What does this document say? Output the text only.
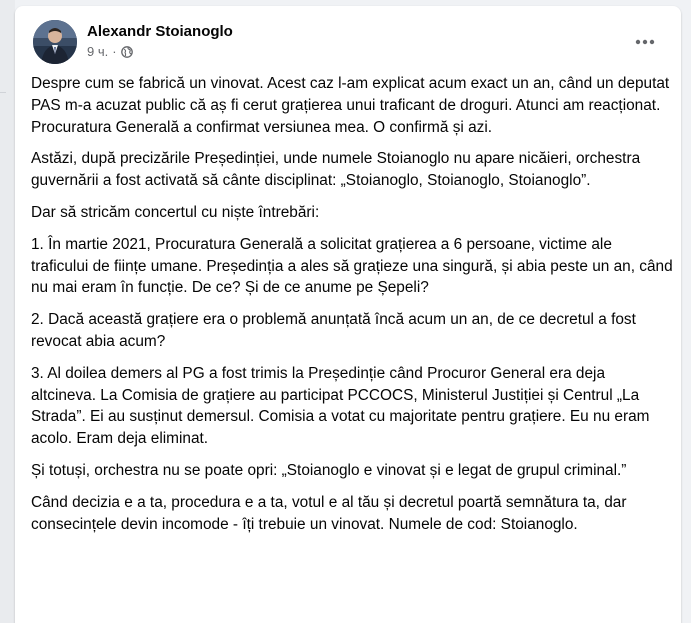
Alexandr Stoianoglo
9 ч. ·

Despre cum se fabrică un vinovat. Acest caz l-am explicat acum exact un an, când un deputat PAS m-a acuzat public că aș fi cerut grațierea unui traficant de droguri. Atunci am reacționat. Procuratura Generală a confirmat versiunea mea. O confirmă și azi.

Astăzi, după precizările Președinției, unde numele Stoianoglo nu apare nicăieri, orchestra guvernării a fost activată să cânte disciplinat: „Stoianoglo, Stoianoglo, Stoianoglo”.

Dar să stricăm concertul cu niște întrebări:

1. În martie 2021, Procuratura Generală a solicitat grațierea a 6 persoane, victime ale traficului de ființe umane. Președinția a ales să grațieze una singură, și abia peste un an, când nu mai eram în funcție. De ce? Și de ce anume pe Șepeli?

2. Dacă această grațiere era o problemă anunțată încă acum un an, de ce decretul a fost revocat abia acum?

3. Al doilea demers al PG a fost trimis la Președinție când Procuror General era deja altcineva. La Comisia de grațiere au participat PCCOCS, Ministerul Justiției și Centrul „La Strada”. Ei au susținut demersul. Comisia a votat cu majoritate pentru grațiere. Eu nu eram acolo. Eram deja eliminat.

Și totuși, orchestra nu se poate opri: „Stoianoglo e vinovat și e legat de grupul criminal.”

Când decizia e a ta, procedura e a ta, votul e al tău și decretul poartă semnătura ta, dar consecințele devin incomode - îți trebuie un vinovat. Numele de cod: Stoianoglo.
